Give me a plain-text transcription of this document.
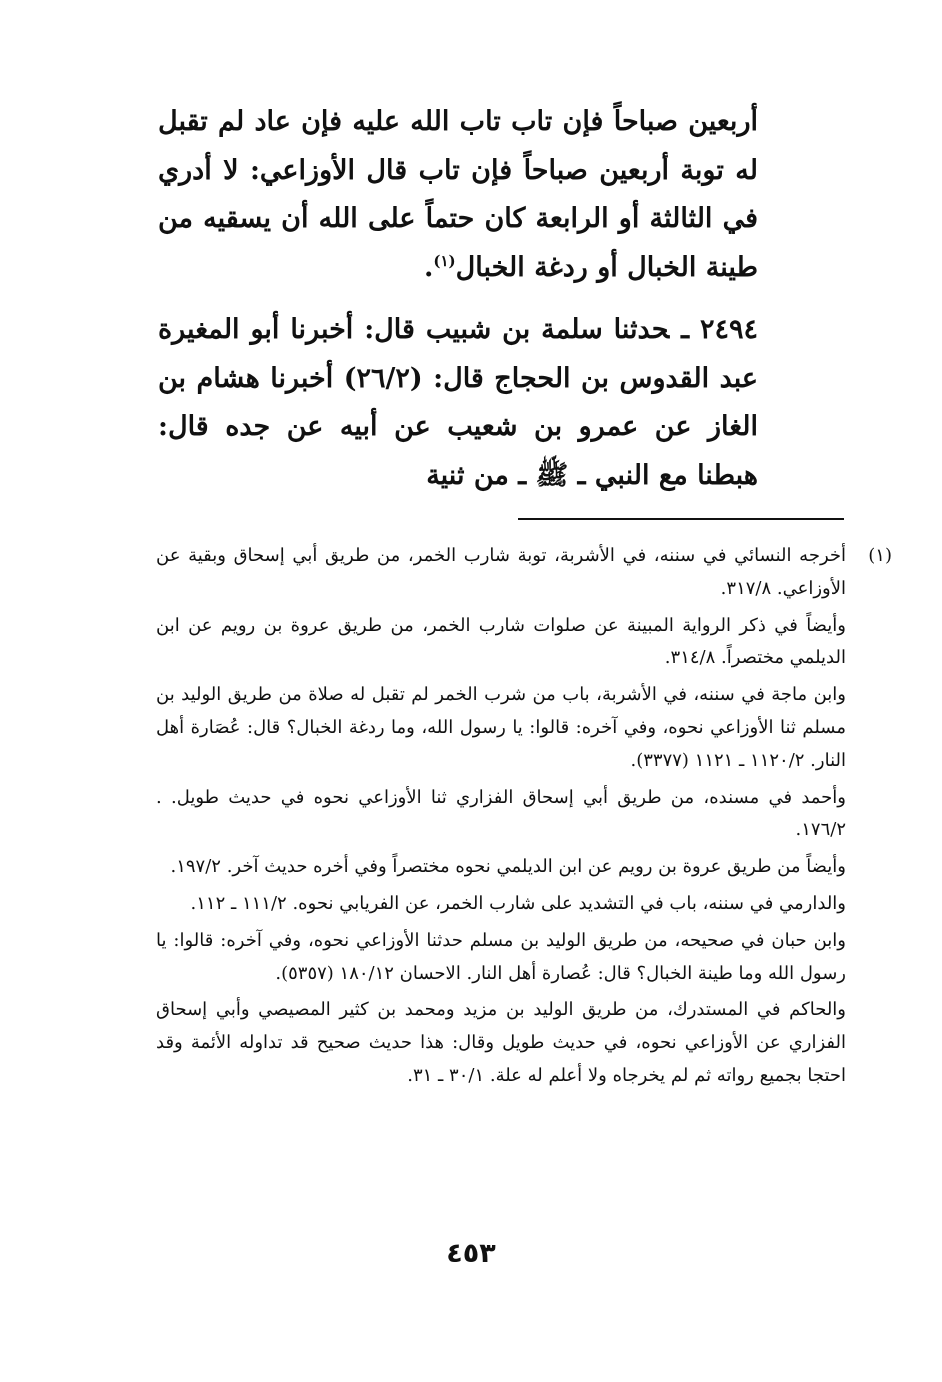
أربعين صباحاً فإن تاب تاب الله عليه فإن عاد لم تقبل له توبة أربعين صباحاً فإن تاب قال الأوزاعي: لا أدري في الثالثة أو الرابعة كان حتماً على الله أن يسقيه من طينة الخبال أو ردغة الخبال$^{(١)}$.

٢٤٩٤ ـحدثنا سلمة بن شبيب قال: أخبرنا أبو المغيرة عبد القدوس بن الحجاج قال: (٢٦/٢) أخبرنا هشام بن الغاز عن عمرو بن شعيب عن أبيه عن جده قال: هبطنا مع النبي ـ ﷺ ـ من ثنية

(١)

أخرجه النسائي في سننه، في الأشربة، توبة شارب الخمر، من طريق أبي إسحاق وبقية عن الأوزاعي. ٣١٧/٨.

وأيضاً في ذكر الرواية المبينة عن صلوات شارب الخمر، من طريق عروة بن رويم عن ابن الديلمي مختصراً. ٣١٤/٨.

وابن ماجة في سننه، في الأشربة، باب من شرب الخمر لم تقبل له صلاة من طريق الوليد بن مسلم ثنا الأوزاعي نحوه، وفي آخره: قالوا: يا رسول الله، وما ردغة الخبال؟ قال: عُصَارة أهل النار. ١١٢٠/٢ ـ ١١٢١ (٣٣٧٧).

وأحمد في مسنده، من طريق أبي إسحاق الفزاري ثنا الأوزاعي نحوه في حديث طويل. . ١٧٦/٢.

وأيضاً من طريق عروة بن رويم عن ابن الديلمي نحوه مختصراً وفي أخره حديث آخر. ١٩٧/٢.

والدارمي في سننه، باب في التشديد على شارب الخمر، عن الفريابي نحوه. ١١١/٢ ـ ١١٢.

وابن حبان في صحيحه، من طريق الوليد بن مسلم حدثنا الأوزاعي نحوه، وفي آخره: قالوا: يا رسول الله وما طينة الخبال؟ قال: عُصارة أهل النار. الاحسان ١٨٠/١٢ (٥٣٥٧).

والحاكم في المستدرك، من طريق الوليد بن مزيد ومحمد بن كثير المصيصي وأبي إسحاق الفزاري عن الأوزاعي نحوه، في حديث طويل وقال: هذا حديث صحيح قد تداوله الأئمة وقد احتجا بجميع رواته ثم لم يخرجاه ولا أعلم له علة. ٣٠/١ ـ ٣١.

٤٥٣
